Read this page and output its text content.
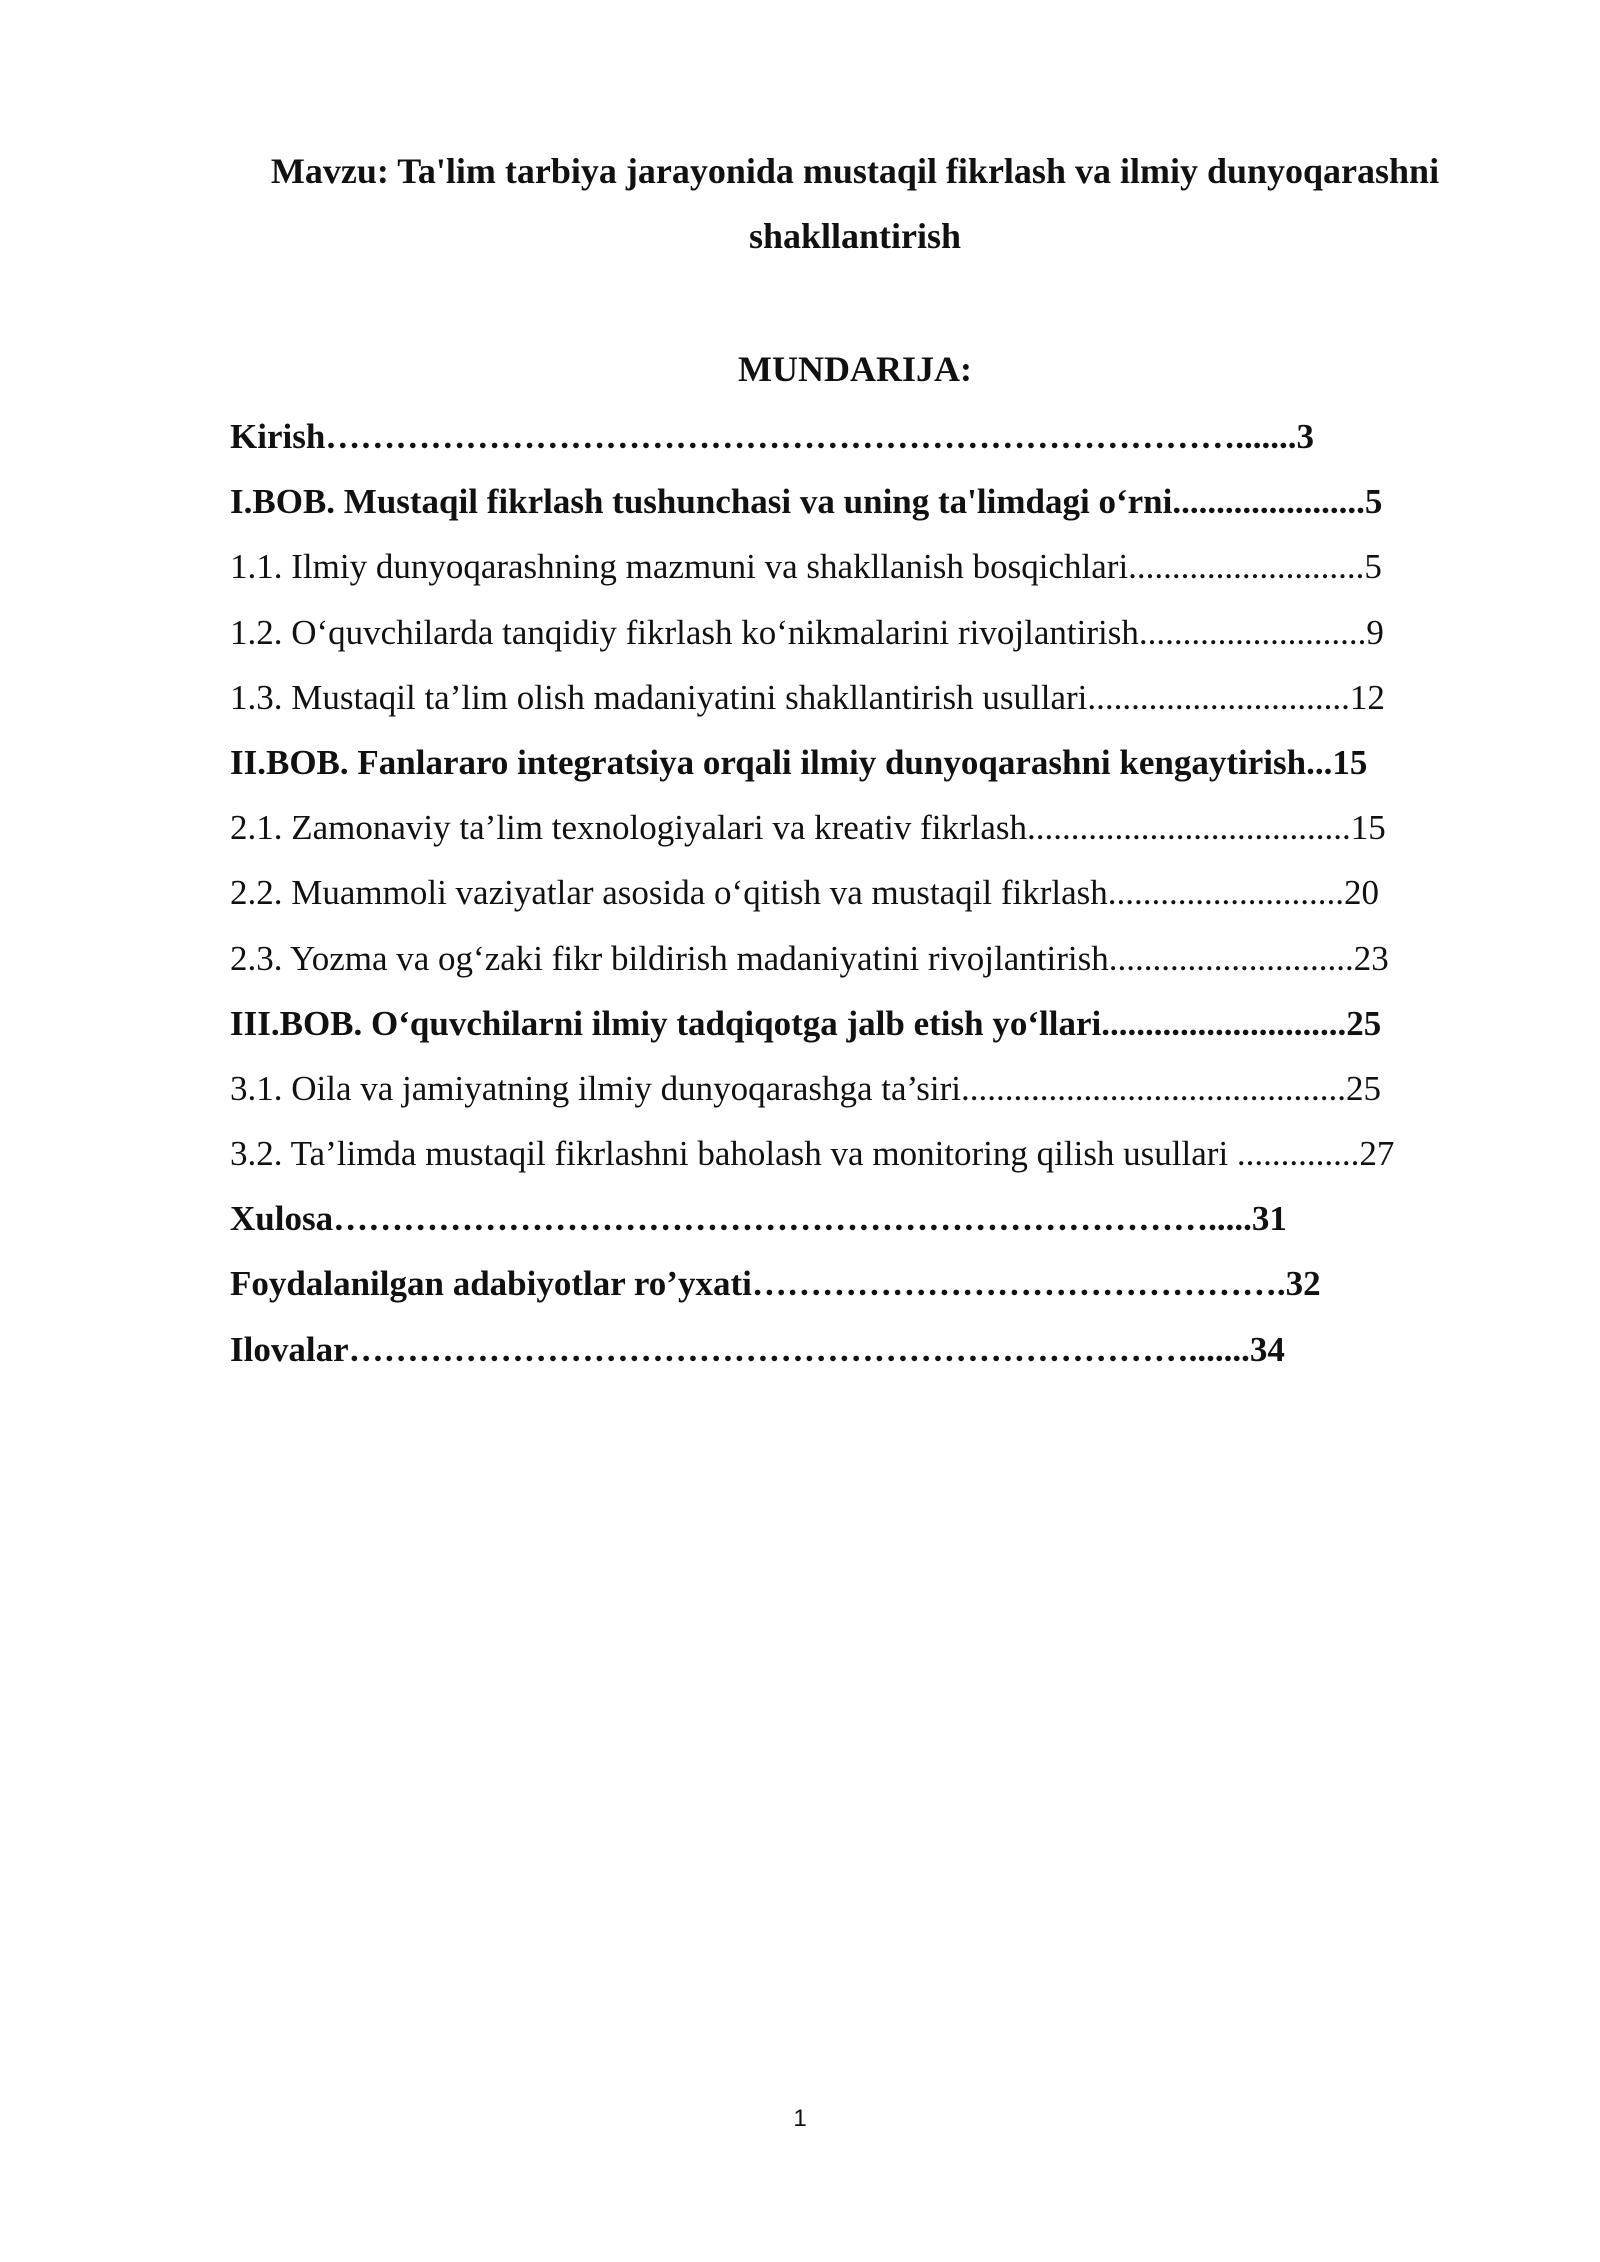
Mavzu: Ta'lim tarbiya jarayonida mustaqil fikrlash va ilmiy dunyoqarashni
shakllantirish
MUNDARIJA:
Kirish…………………………………………………………………….......3
I.BOB. Mustaqil fikrlash tushunchasi va uning ta'limdagi o‘rni......................5
1.1. Ilmiy dunyoqarashning mazmuni va shakllanish bosqichlari...........................5
1.2. O‘quvchilarda tanqidiy fikrlash ko‘nikmalarini rivojlantirish..........................9
1.3. Mustaqil ta’lim olish madaniyatini shakllantirish usullari..............................12
II.BOB. Fanlararo integratsiya orqali ilmiy dunyoqarashni kengaytirish...15
2.1. Zamonaviy ta’lim texnologiyalari va kreativ fikrlash.....................................15
2.2. Muammoli vaziyatlar asosida o‘qitish va mustaqil fikrlash...........................20
2.3. Yozma va og‘zaki fikr bildirish madaniyatini rivojlantirish............................23
III.BOB. O‘quvchilarni ilmiy tadqiqotga jalb etish yo‘llari............................25
3.1. Oila va jamiyatning ilmiy dunyoqarashga ta’siri............................................25
3.2. Ta’limda mustaqil fikrlashni baholash va monitoring qilish usullari ..............27
Xulosa………………………………………………………………….....31
Foydalanilgan adabiyotlar ro’yxati……………………………………….32
Ilovalar……………………………………………………………….......34
1
